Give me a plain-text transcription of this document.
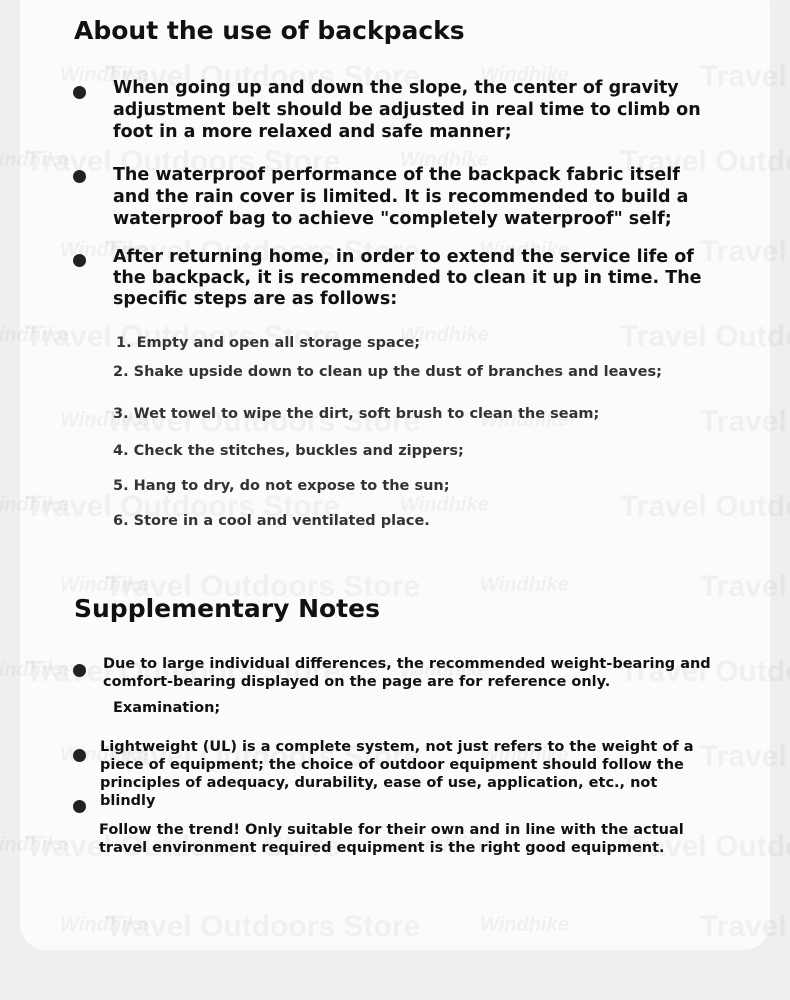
About the use of backpacks

When going up and down the slope, the center of gravity adjustment belt should be adjusted in real time to climb on foot in a more relaxed and safe manner;

The waterproof performance of the backpack fabric itself and the rain cover is limited. It is recommended to build a waterproof bag to achieve "completely waterproof" self;

After returning home, in order to extend the service life of the backpack, it is recommended to clean it up in time. The specific steps are as follows:

1. Empty and open all storage space;

2. Shake upside down to clean up the dust of branches and leaves;

3. Wet towel to wipe the dirt, soft brush to clean the seam;

4. Check the stitches, buckles and zippers;

5. Hang to dry, do not expose to the sun;

6. Store in a cool and ventilated place.

Supplementary Notes

Due to large individual differences, the recommended weight-bearing and comfort-bearing displayed on the page are for reference only.

Examination;

Lightweight (UL) is a complete system, not just refers to the weight of a piece of equipment; the choice of outdoor equipment should follow the principles of adequacy, durability, ease of use, application, etc., not blindly

Follow the trend! Only suitable for their own and in line with the actual travel environment required equipment is the right good equipment.
